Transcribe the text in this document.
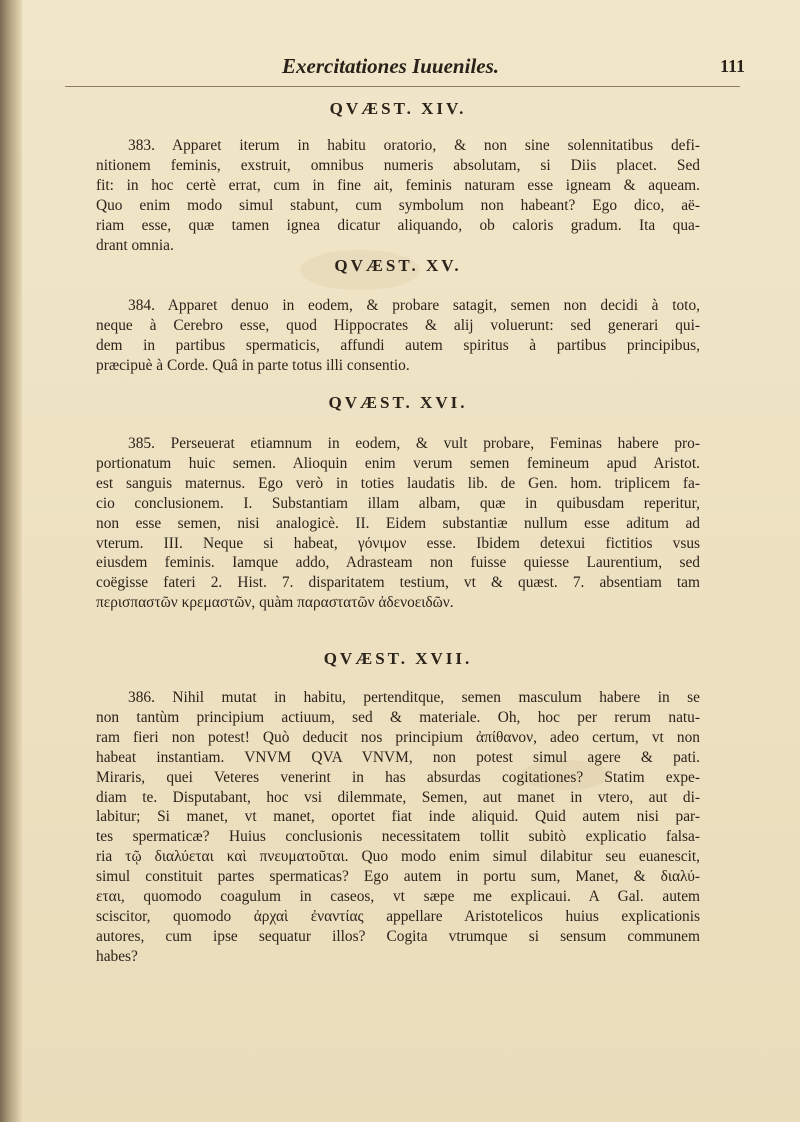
Exercitationes Iuueniles.	111
QVÆST. XIV.
383. Apparet iterum in habitu oratorio, & non sine solennitatibus defi-
nitionem feminis, exstruit, omnibus numeris absolutam, si Diis placet. Sed
fit: in hoc certè errat, cum in fine ait, feminis naturam esse igneam & aqueam.
Quo enim modo simul stabunt, cum symbolum non habeant? Ego dico, aë-
riam esse, quæ tamen ignea dicatur aliquando, ob caloris gradum. Ita qua-
drant omnia.
QVÆST. XV.
384. Apparet denuo in eodem, & probare satagit, semen non decidi à toto,
neque à Cerebro esse, quod Hippocrates & alij voluerunt: sed generari qui-
dem in partibus spermaticis, affundi autem spiritus à partibus principibus,
præcipuè à Corde. Quâ in parte totus illi consentio.
QVÆST. XVI.
385. Perseuerat etiamnum in eodem, & vult probare, Feminas habere pro-
portionatum huic semen. Alioquin enim verum semen femineum apud Aristot.
est sanguis maternus. Ego verò in toties laudatis lib. de Gen. hom. triplicem fa-
cio conclusionem. I. Substantiam illam albam, quæ in quibusdam reperitur,
non esse semen, nisi analogicè. II. Eidem substantiæ nullum esse aditum ad
vterum. III. Neque si habeat, γόνιμον esse. Ibidem detexui fictitios vsus
eiusdem feminis. Iamque addo, Adrasteam non fuisse quiesse Laurentium, sed
coëgisse fateri 2. Hist. 7. disparitatem testium, vt & quæst. 7. absentiam tam
περισπαστῶν κρεμαστῶν, quàm παραστατῶν ἀδενοειδῶν.
QVÆST. XVII.
386. Nihil mutat in habitu, pertenditque, semen masculum habere in se
non tantùm principium actiuum, sed & materiale. Oh, hoc per rerum natu-
ram fieri non potest! Quò deducit nos principium ἀπίθανον, adeo certum, vt non
habeat instantiam. VNVM QVA VNVM, non potest simul agere & pati.
Miraris, quei Veteres venerint in has absurdas cogitationes? Statim expe-
diam te. Disputabant, hoc vsi dilemmate, Semen, aut manet in vtero, aut di-
labitur; Si manet, vt manet, oportet fiat inde aliquid. Quid autem nisi par-
tes spermaticæ? Huius conclusionis necessitatem tollit subitò explicatio falsa-
ria τῷ διαλύεται καὶ πνευματοῦται. Quo modo enim simul dilabitur seu euanescit,
simul constituit partes spermaticas? Ego autem in portu sum, Manet, & διαλύ-
εται, quomodo coagulum in caseos, vt sæpe me explicaui. A Gal. autem
sciscitor, quomodo ἀρχαὶ ἐναντίας appellare Aristotelicos huius explicationis
autores, cum ipse sequatur illos? Cogita vtrumque si sensum communem
habes?
